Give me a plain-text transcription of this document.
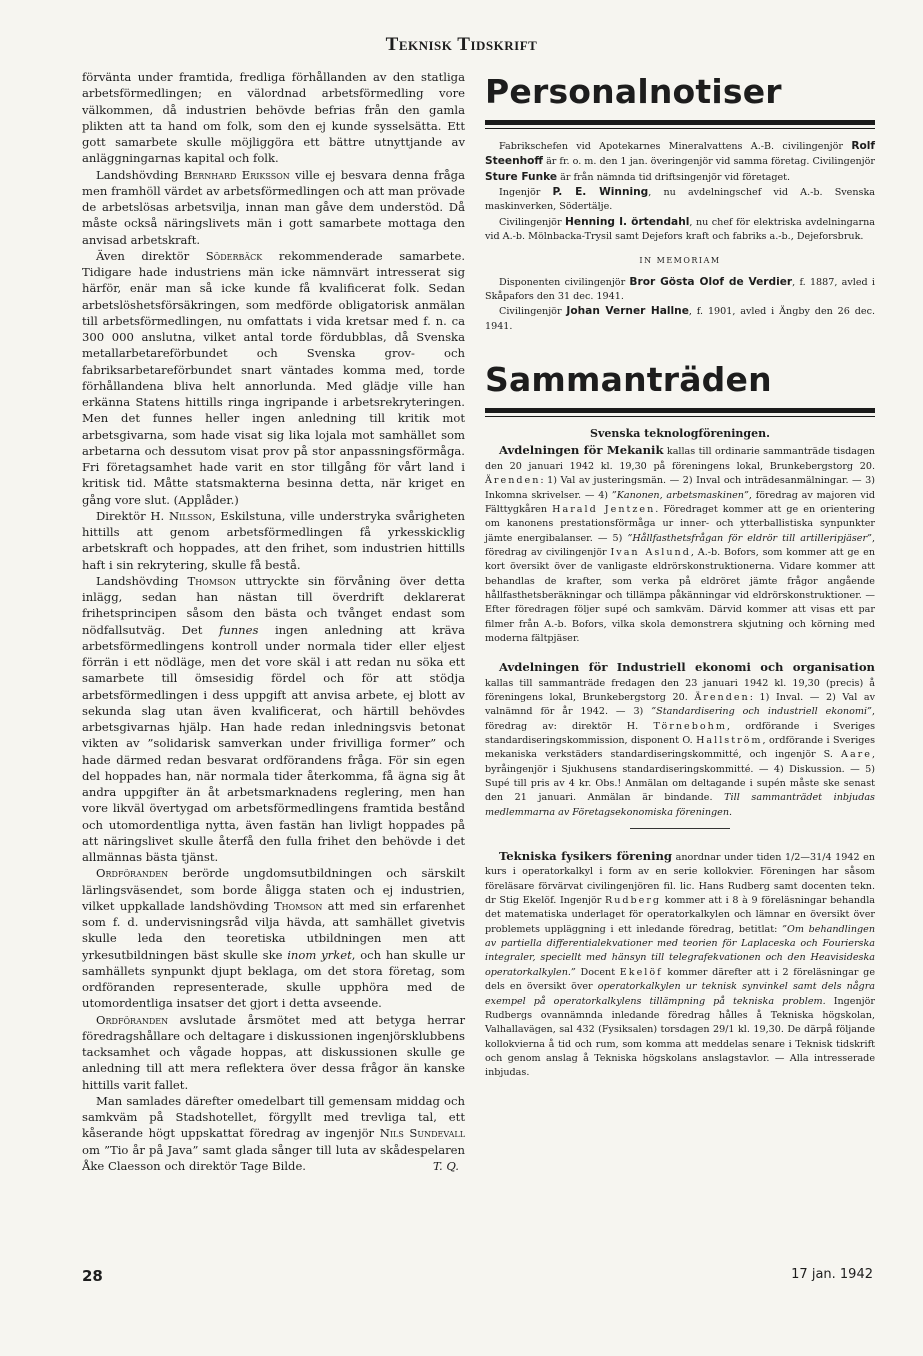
Teknisk Tidskrift

förvänta under framtida, fredliga förhållanden av den statliga arbetsförmedlingen; en välordnad arbetsförmedling vore välkommen, då industrien behövde befrias från den gamla plikten att ta hand om folk, som den ej kunde sysselsätta. Ett gott samarbete skulle möjliggöra ett bättre utnyttjande av anläggningarnas kapital och folk.

Landshövding Bernhard Eriksson ville ej besvara denna fråga men framhöll värdet av arbetsförmedlingen och att man prövade de arbetslösas arbetsvilja, innan man gåve dem understöd. Då måste också näringslivets män i gott samarbete mottaga den anvisad arbetskraft.

Även direktör Söderbäck rekommenderade samarbete. Tidigare hade industriens män icke nämnvärt intresserat sig härför, enär man så icke kunde få kvalificerat folk. Sedan arbetslöshetsförsäkringen, som medförde obligatorisk anmälan till arbetsförmedlingen, nu omfattats i vida kretsar med f. n. ca 300 000 anslutna, vilket antal torde fördubblas, då Svenska metallarbetareförbundet och Svenska grov- och fabriksarbetareförbundet snart väntades komma med, torde förhållandena bliva helt annorlunda. Med glädje ville han erkänna Statens hittills ringa ingripande i arbetsrekryteringen. Men det funnes heller ingen anledning till kritik mot arbetsgivarna, som hade visat sig lika lojala mot samhället som arbetarna och dessutom visat prov på stor anpassningsförmåga. Fri företagsamhet hade varit en stor tillgång för vårt land i kritisk tid. Måtte statsmakterna besinna detta, när kriget en gång vore slut. (Applåder.)

Direktör H. Nilsson, Eskilstuna, ville understryka svårigheten hittills att genom arbetsförmedlingen få yrkesskicklig arbetskraft och hoppades, att den frihet, som industrien hittills haft i sin rekrytering, skulle få bestå.

Landshövding Thomson uttryckte sin förvåning över detta inlägg, sedan han nästan till överdrift deklarerat frihetsprincipen såsom den bästa och tvånget endast som nödfallsutväg. Det funnes ingen anledning att kräva arbetsförmedlingens kontroll under normala tider eller eljest förrän i ett nödläge, men det vore skäl i att redan nu söka ett samarbete till ömsesidig fördel och för att stödja arbetsförmedlingen i dess uppgift att anvisa arbete, ej blott av sekunda slag utan även kvalificerat, och härtill behövdes arbetsgivarnas hjälp. Han hade redan inledningsvis betonat vikten av ”solidarisk samverkan under frivilliga former” och hade därmed redan besvarat ordförandens fråga. För sin egen del hoppades han, när normala tider återkomma, få ägna sig åt andra uppgifter än åt arbetsmarknadens reglering, men han vore likväl övertygad om arbetsförmedlingens framtida bestånd och utomordentliga nytta, även fastän han livligt hoppades på att näringslivet skulle återfå den fulla frihet den behövde i det allmännas bästa tjänst.

Ordföranden berörde ungdomsutbildningen och särskilt lärlingsväsendet, som borde åligga staten och ej industrien, vilket uppkallade landshövding Thomson att med sin erfarenhet som f. d. undervisningsråd vilja hävda, att samhället givetvis skulle leda den teoretiska utbildningen men att yrkesutbildningen bäst skulle ske inom yrket, och han skulle ur samhällets synpunkt djupt beklaga, om det stora företag, som ordföranden representerade, skulle upphöra med de utomordentliga insatser det gjort i detta avseende.

Ordföranden avslutade årsmötet med att betyga herrar föredragshållare och deltagare i diskussionen ingenjörsklubbens tacksamhet och vågade hoppas, att diskussionen skulle ge anledning till att mera reflektera över dessa frågor än kanske hittills varit fallet.

Man samlades därefter omedelbart till gemensam middag och samkväm på Stadshotellet, förgyllt med trevliga tal, ett kåserande högt uppskattat föredrag av ingenjör Nils Sundevall om ”Tio år på Java” samt glada sånger till luta av skådespelaren Åke Claesson och direktör Tage Bilde.	T. Q.

Personalnotiser

Fabrikschefen vid Apotekarnes Mineralvattens A.-B. civilingenjör Rolf Steenhoff är fr. o. m. den 1 jan. överingenjör vid samma företag. Civilingenjör Sture Funke är från nämnda tid driftsingenjör vid företaget.

Ingenjör P. E. Winning, nu avdelningschef vid A.-b. Svenska maskinverken, Södertälje.

Civilingenjör Henning I. örtendahl, nu chef för elektriska avdelningarna vid A.-b. Mölnbacka-Trysil samt Dejefors kraft och fabriks a.-b., Dejeforsbruk.

IN MEMORIAM

Disponenten civilingenjör Bror Gösta Olof de Verdier, f. 1887, avled i Skåpafors den 31 dec. 1941.

Civilingenjör Johan Verner Hallne, f. 1901, avled i Ängby den 26 dec. 1941.

Sammanträden
Svenska teknologföreningen.

Avdelningen för Mekanik kallas till ordinarie sammanträde tisdagen den 20 januari 1942 kl. 19,30 på föreningens lokal, Brunkebergstorg 20. Ärenden: 1) Val av justeringsmän. — 2) Inval och inträdesanmälningar. — 3) Inkomna skrivelser. — 4) ”Kanonen, arbetsmaskinen”, föredrag av majoren vid Fälttygkåren Harald Jentzen. Föredraget kommer att ge en orientering om kanonens prestationsförmåga ur inner- och ytterballistiska synpunkter jämte energibalanser. — 5) ”Hållfasthetsfrågan för eldrör till artilleripjäser”, föredrag av civilingenjör Ivan Aslund, A.-b. Bofors, som kommer att ge en kort översikt över de vanligaste eldrörskonstruktionerna. Vidare kommer att behandlas de krafter, som verka på eldröret jämte frågor angående hållfasthetsberäkningar och tillämpa påkänningar vid eldrörskonstruktioner. — Efter föredragen följer supé och samkväm. Därvid kommer att visas ett par filmer från A.-b. Bofors, vilka skola demonstrera skjutning och körning med moderna fältpjäser.

Avdelningen för Industriell ekonomi och organisation kallas till sammanträde fredagen den 23 januari 1942 kl. 19,30 (precis) å föreningens lokal, Brunkebergstorg 20. Ärenden: 1) Inval. — 2) Val av valnämnd för år 1942. — 3) ”Standardisering och industriell ekonomi”, föredrag av: direktör H. Törnebohm, ordförande i Sveriges standardiseringskommission, disponent O. Hallström, ordförande i Sveriges mekaniska verkstäders standardiseringskommitté, och ingenjör S. Aare, byråingenjör i Sjukhusens standardiseringskommitté. — 4) Diskussion. — 5) Supé till pris av 4 kr. Obs.! Anmälan om deltagande i supén måste ske senast den 21 januari. Anmälan är bindande. Till sammanträdet inbjudas medlemmarna av Företagsekonomiska föreningen.

Tekniska fysikers förening anordnar under tiden 1/2—31/4 1942 en kurs i operatorkalkyl i form av en serie kollokvier. Föreningen har såsom föreläsare förvärvat civilingenjören fil. lic. Hans Rudberg samt docenten tekn. dr Stig Ekelöf. Ingenjör Rudberg kommer att i 8 à 9 föreläsningar behandla det matematiska underlaget för operatorkalkylen och lämnar en översikt över problemets uppläggning i ett inledande föredrag, betitlat: ”Om behandlingen av partiella differentialekvationer med teorien för Laplaceska och Fourierska integraler, speciellt med hänsyn till telegrafekvationen och den Heavisideska operatorkalkylen.” Docent Ekelöf kommer därefter att i 2 föreläsningar ge dels en översikt över operatorkalkylen ur teknisk synvinkel samt dels några exempel på operatorkalkylens tillämpning på tekniska problem. Ingenjör Rudbergs ovannämnda inledande föredrag hålles å Tekniska högskolan, Valhallavägen, sal 432 (Fysiksalen) torsdagen 29/1 kl. 19,30. De därpå följande kollokvierna å tid och rum, som komma att meddelas senare i Teknisk tidskrift och genom anslag å Tekniska högskolans anslagstavlor. — Alla intresserade inbjudas.

28	17 jan. 1942
